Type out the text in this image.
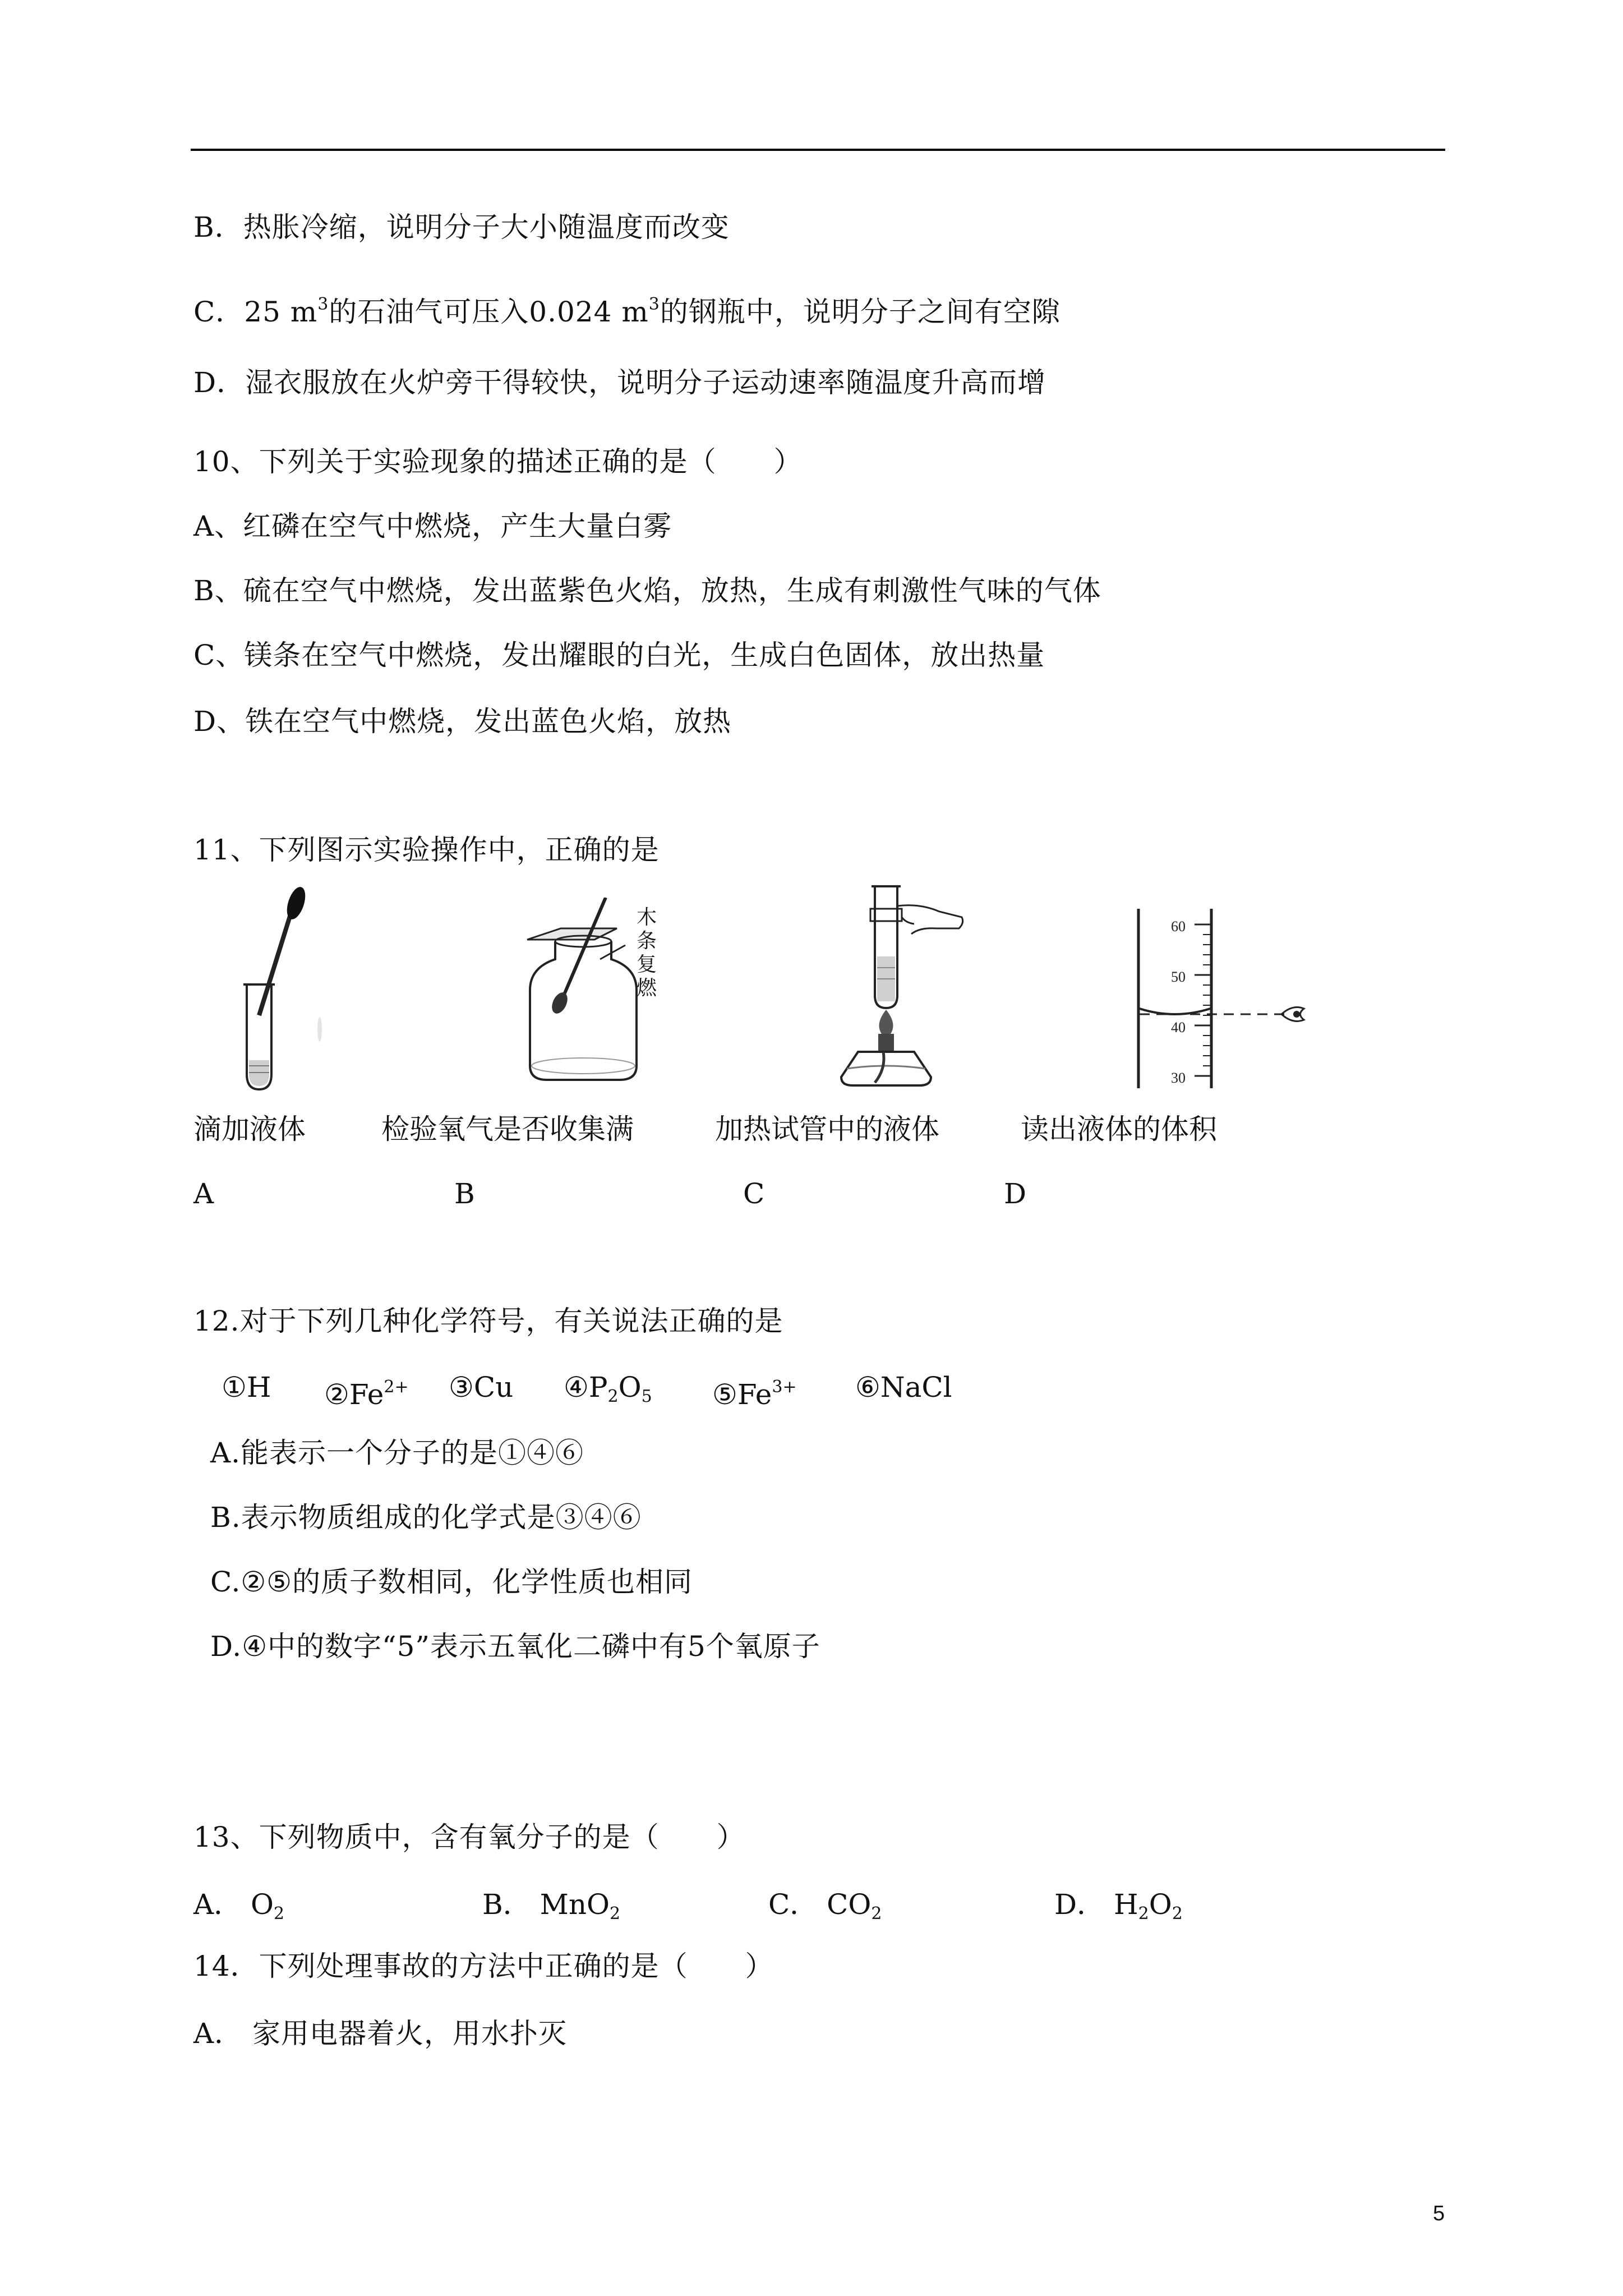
B．热胀冷缩，说明分子大小随温度而改变
C．25 $m^3$的石油气可压入0.024 $m^3$的钢瓶中，说明分子之间有空隙
D．湿衣服放在火炉旁干得较快，说明分子运动速率随温度升高而增
10、下列关于实验现象的描述正确的是（　　）
A、红磷在空气中燃烧，产生大量白雾
B、硫在空气中燃烧，发出蓝紫色火焰，放热，生成有刺激性气味的气体
C、镁条在空气中燃烧，发出耀眼的白光，生成白色固体，放出热量
D、铁在空气中燃烧，发出蓝色火焰，放热
11、下列图示实验操作中，正确的是
木
条
复
燃
60
50
40
30
滴加液体	检验氧气是否收集满	加热试管中的液体	读出液体的体积
A	B	C	D
12.对于下列几种化学符号，有关说法正确的是
①H $②Fe^{2+}$ ③Cu $④P_2O_5$ $⑤Fe^{3+}$ ⑥NaCl
A.能表示一个分子的是①④⑥
B.表示物质组成的化学式是③④⑥
C.②⑤的质子数相同，化学性质也相同
D.④中的数字“5”表示五氧化二磷中有5个氧原子
13、下列物质中，含有氧分子的是（　　）
A． $O_2$	B． MnO$_2$	C． $CO_2$	D． $H_2O_2$
14．下列处理事故的方法中正确的是（　　）
A． 家用电器着火，用水扑灭
5
